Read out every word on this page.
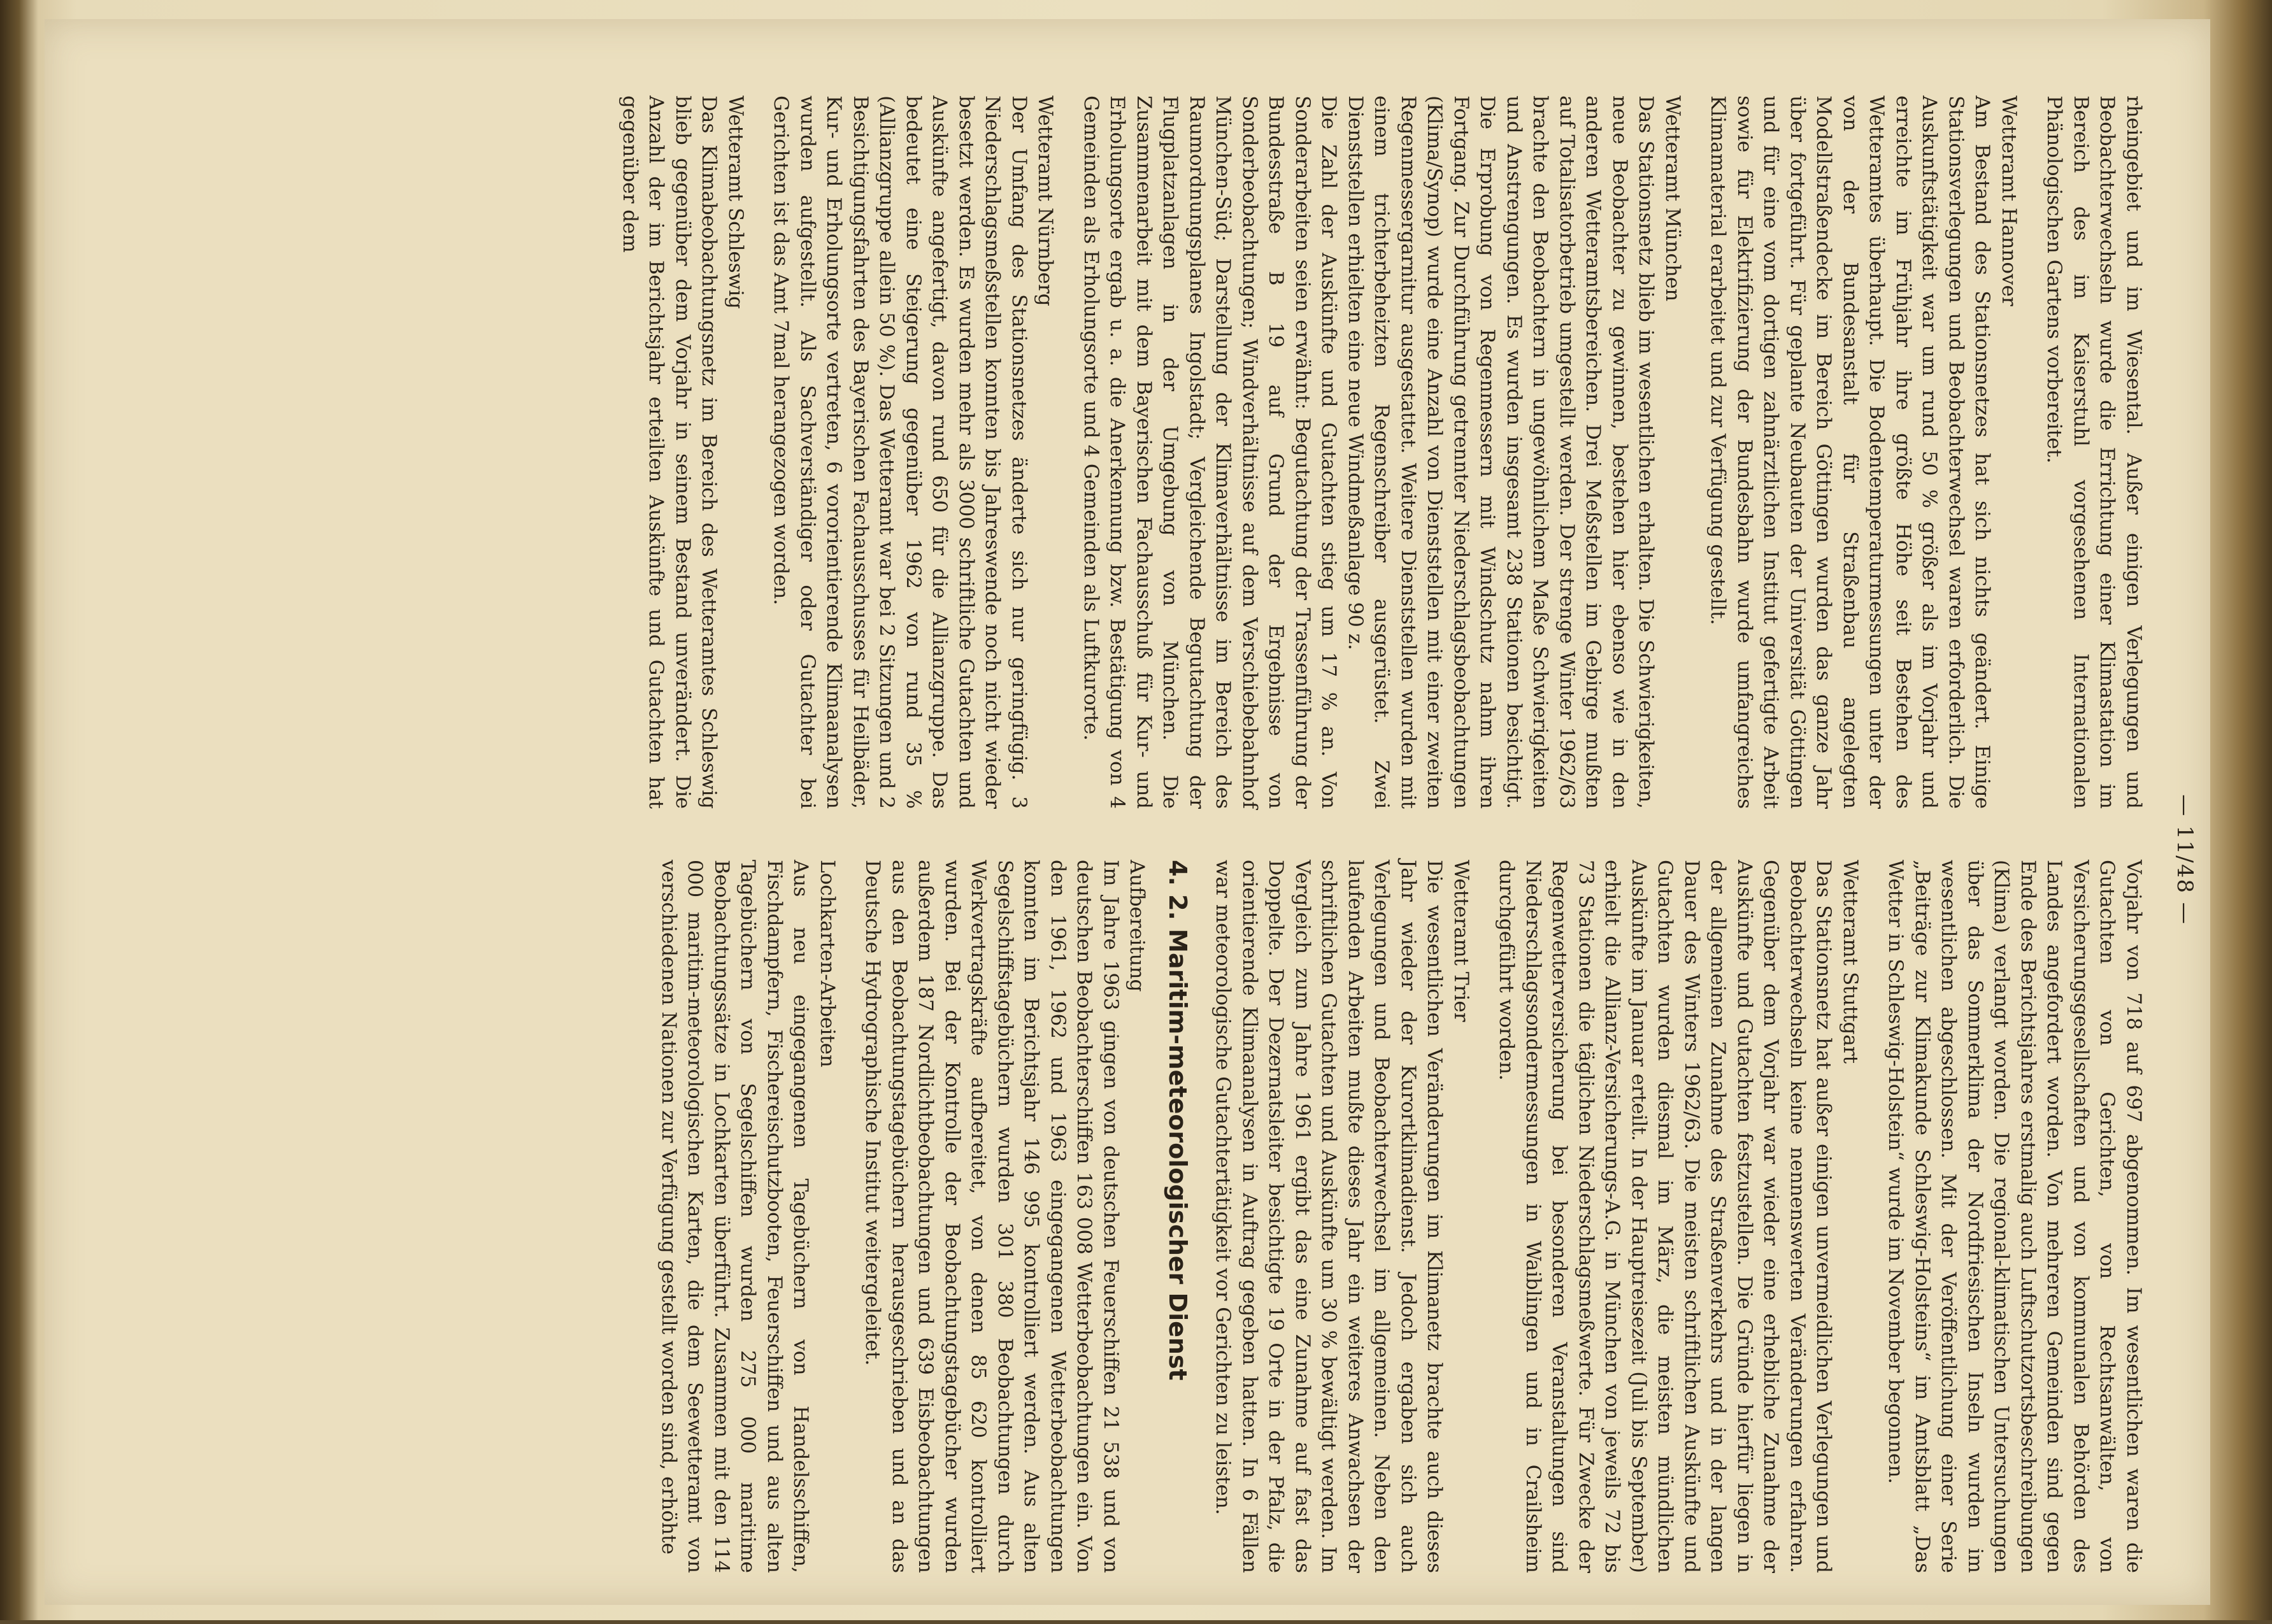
— 11/48 —

rheingebiet und im Wiesental. Außer einigen Verlegungen und Beobachterwechseln wurde die Errichtung einer Klimastation im Bereich des im Kaiserstuhl vorgesehenen Internationalen Phänologischen Gartens vorbereitet.

Wetteramt Hannover

Am Bestand des Stationsnetzes hat sich nichts geändert. Einige Stationsverlegungen und Beobachterwechsel waren erforderlich. Die Auskunftstätigkeit war um rund 50 % größer als im Vorjahr und erreichte im Frühjahr ihre größte Höhe seit Bestehen des Wetteramtes überhaupt. Die Bodentemperaturmessungen unter der von der Bundesanstalt für Straßenbau angelegten Modellstraßendecke im Bereich Göttingen wurden das ganze Jahr über fortgeführt. Für geplante Neubauten der Universität Göttingen und für eine vom dortigen zahnärztlichen Institut gefertigte Arbeit sowie für Elektrifizierung der Bundesbahn wurde umfangreiches Klimamaterial erarbeitet und zur Verfügung gestellt.

Wetteramt München

Das Stationsnetz blieb im wesentlichen erhalten. Die Schwierigkeiten, neue Beobachter zu gewinnen, bestehen hier ebenso wie in den anderen Wetteramtsbereichen. Drei Meßstellen im Gebirge mußten auf Totalisatorbetrieb umgestellt werden. Der strenge Winter 1962/63 brachte den Beobachtern in ungewöhnlichem Maße Schwierigkeiten und Anstrengungen. Es wurden insgesamt 238 Stationen besichtigt. Die Erprobung von Regenmessern mit Windschutz nahm ihren Fortgang. Zur Durchführung getrennter Niederschlagsbeobachtungen (Klima/Synop) wurde eine Anzahl von Dienststellen mit einer zweiten Regenmessergarnitur ausgestattet. Weitere Dienststellen wurden mit einem trichterbeheizten Regenschreiber ausgerüstet. Zwei Dienststellen erhielten eine neue Windmeßanlage 90 z.

Die Zahl der Auskünfte und Gutachten stieg um 17 % an. Von Sonderarbeiten seien erwähnt: Begutachtung der Trassenführung der Bundesstraße B 19 auf Grund der Ergebnisse von Sonderbeobachtungen; Windverhältnisse auf dem Verschiebebahnhof München-Süd; Darstellung der Klimaverhältnisse im Bereich des Raumordnungsplanes Ingolstadt; Vergleichende Begutachtung der Flugplatzanlagen in der Umgebung von München. Die Zusammenarbeit mit dem Bayerischen Fachausschuß für Kur- und Erholungsorte ergab u. a. die Anerkennung bzw. Bestätigung von 4 Gemeinden als Erholungsorte und 4 Gemeinden als Luftkurorte.

Wetteramt Nürnberg

Der Umfang des Stationsnetzes änderte sich nur geringfügig. 3 Niederschlagsmeßstellen konnten bis Jahreswende noch nicht wieder besetzt werden. Es wurden mehr als 3000 schriftliche Gutachten und Auskünfte angefertigt, davon rund 650 für die Allianzgruppe. Das bedeutet eine Steigerung gegenüber 1962 von rund 35 % (Allianzgruppe allein 50 %). Das Wetteramt war bei 2 Sitzungen und 2 Besichtigungsfahrten des Bayerischen Fachausschusses für Heilbäder, Kur- und Erholungsorte vertreten, 6 vororientierende Klimaanalysen wurden aufgestellt. Als Sachverständiger oder Gutachter bei Gerichten ist das Amt 7mal herangezogen worden.

Wetteramt Schleswig

Das Klimabeobachtungsnetz im Bereich des Wetteramtes Schleswig blieb gegenüber dem Vorjahr in seinem Bestand unverändert. Die Anzahl der im Berichtsjahr erteilten Auskünfte und Gutachten hat gegenüber dem

Vorjahr von 718 auf 697 abgenommen. Im wesentlichen waren die Gutachten von Gerichten, von Rechtsanwälten, von Versicherungsgesellschaften und von kommunalen Behörden des Landes angefordert worden. Von mehreren Gemeinden sind gegen Ende des Berichtsjahres erstmalig auch Luftschutzortsbeschreibungen (Klima) verlangt worden. Die regional-klimatischen Untersuchungen über das Sommerklima der Nordfriesischen Inseln wurden im wesentlichen abgeschlossen. Mit der Veröffentlichung einer Serie „Beiträge zur Klimakunde Schleswig-Holsteins“ im Amtsblatt „Das Wetter in Schleswig-Holstein“ wurde im November begonnen.

Wetteramt Stuttgart

Das Stationsnetz hat außer einigen unvermeidlichen Verlegungen und Beobachterwechseln keine nennenswerten Veränderungen erfahren. Gegenüber dem Vorjahr war wieder eine erhebliche Zunahme der Auskünfte und Gutachten festzustellen. Die Gründe hierfür liegen in der allgemeinen Zunahme des Straßenverkehrs und in der langen Dauer des Winters 1962/63. Die meisten schriftlichen Auskünfte und Gutachten wurden diesmal im März, die meisten mündlichen Auskünfte im Januar erteilt. In der Hauptreisezeit (Juli bis September) erhielt die Allianz-Versicherungs-A.G. in München von jeweils 72 bis 73 Stationen die täglichen Niederschlagsmeßwerte. Für Zwecke der Regenwetterversicherung bei besonderen Veranstaltungen sind Niederschlagssondermessungen in Waiblingen und in Crailsheim durchgeführt worden.

Wetteramt Trier

Die wesentlichen Veränderungen im Klimanetz brachte auch dieses Jahr wieder der Kurortklimadienst. Jedoch ergaben sich auch Verlegungen und Beobachterwechsel im allgemeinen. Neben den laufenden Arbeiten mußte dieses Jahr ein weiteres Anwachsen der schriftlichen Gutachten und Auskünfte um 30 % bewältigt werden. Im Vergleich zum Jahre 1961 ergibt das eine Zunahme auf fast das Doppelte. Der Dezernatsleiter besichtigte 19 Orte in der Pfalz, die orientierende Klimaanalysen in Auftrag gegeben hatten. In 6 Fällen war meteorologische Gutachtertätigkeit vor Gerichten zu leisten.

4. 2. Maritim-meteorologischer Dienst

Aufbereitung

Im Jahre 1963 gingen von deutschen Feuerschiffen 21 538 und von deutschen Beobachterschiffen 163 008 Wetterbeobachtungen ein. Von den 1961, 1962 und 1963 eingegangenen Wetterbeobachtungen konnten im Berichtsjahr 146 995 kontrolliert werden. Aus alten Segelschiffstagebüchern wurden 301 380 Beobachtungen durch Werkvertragskräfte aufbereitet, von denen 85 620 kontrolliert wurden. Bei der Kontrolle der Beobachtungstagebücher wurden außerdem 187 Nordlichtbeobachtungen und 639 Eisbeobachtungen aus den Beobachtungstagebüchern herausgeschrieben und an das Deutsche Hydrographische Institut weitergeleitet.

Lochkarten-Arbeiten

Aus neu eingegangenen Tagebüchern von Handelsschiffen, Fischdampfern, Fischereischutzbooten, Feuerschiffen und aus alten Tagebüchern von Segelschiffen wurden 275 000 maritime Beobachtungssätze in Lochkarten überführt. Zusammen mit den 114 000 maritim-meteorologischen Karten, die dem Seewetteramt von verschiedenen Nationen zur Verfügung gestellt worden sind, erhöhte
